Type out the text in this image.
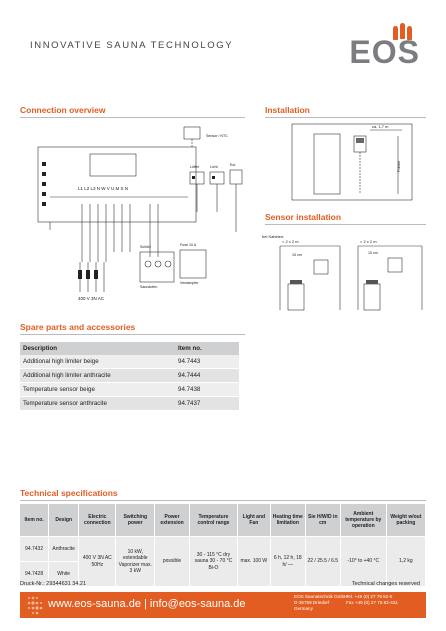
INNOVATIVE SAUNA TECHNOLOGY	EOS
Connection overview	Installation
Sensor installation
Spare parts and accessories
Technical specifications
L1 L2 L3 N W V U M S N
400 V 3N AC
Lüfter	Licht	Ext.
Saunaofen
Verdampfer
Sensor / NTC
Schütz	Fuse 10 A
ca. 1,7 m
Fühler
bei Kabinen:
< 2 x 2 m	> 2 x 2 m
15 cm	10 cm
Description	Item no.
Additional high limiter beige	94.7443
Additional high limiter anthracite	94.7444
Temperature sensor beige	94.7438
Temperature sensor anthracite	94.7437
Item no.	Design	Electric connection	Switching power	Power extension	Temperature control range	Light and Fan	Heating time limitation	Sie H/W/D in cm	Ambient temperature by operation	Weight w/out packing
94.7432	Anthracite	400 V 3N AC 50Hz	10 kW, extendable Vaporizer max. 3 kW	possible	30 - 115 °C dry sauna 30 - 70 °C Bi-O	max. 100 W	6 h, 12 h, 18 h/ —	22 / 25.5 / 6.5	-10° to +40 °C	1,2 kg
94.7428	White									
Druck-Nr.: 29344631 34.21	Technical changes reserved
www.eos-sauna.de | info@eos-sauna.de
EOS Saunatechnik GmbH
D-35759 Driedorf
Germany
Tel. +49 (0) 27 75 82-0
Fax +49 (0) 27 75 82-431
